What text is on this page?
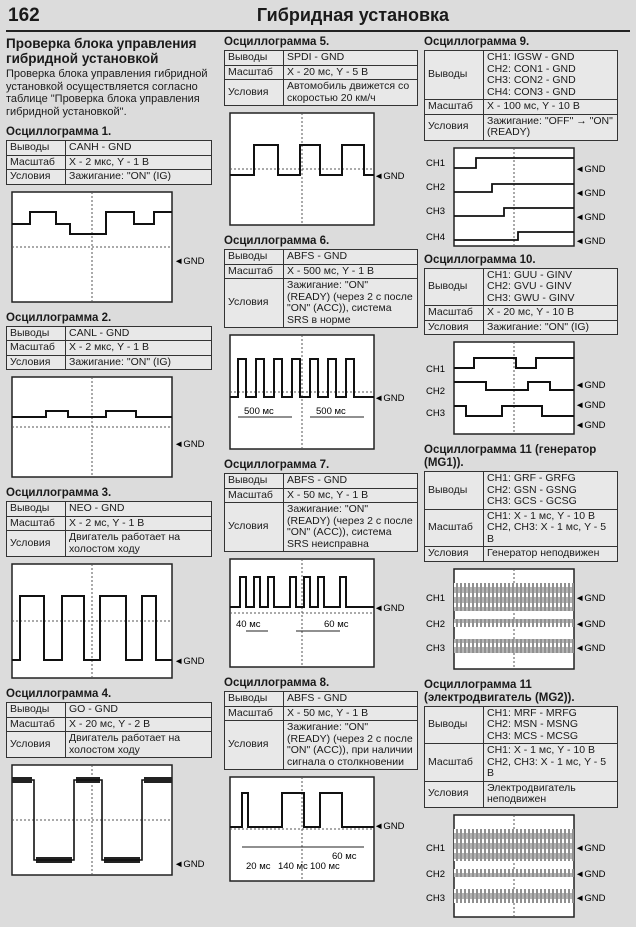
162	Гибридная установка
Проверка блока управления гибридной установкой
Проверка блока управления гибридной установкой осуществляется согласно таблице "Проверка блока управления гибридной установкой".
Осциллограмма 1.
Выводы	CANH - GND
Масштаб	X - 2 мкс, Y - 1 В
Условия	Зажигание: "ON" (IG)
◄GND
Осциллограмма 2.
Выводы	CANL - GND
Масштаб	X - 2 мкс, Y - 1 В
Условия	Зажигание: "ON" (IG)
◄GND
Осциллограмма 3.
Выводы	NEO - GND
Масштаб	X - 2 мс, Y - 1 В
Условия	Двигатель работает на холостом ходу
◄GND
Осциллограмма 4.
Выводы	GO - GND
Масштаб	X - 20 мс, Y - 2 В
Условия	Двигатель работает на холостом ходу
◄GND
Осциллограмма 5.
Выводы	SPDI - GND
Масштаб	X - 20 мс, Y - 5 В
Условия	Автомобиль движется со скоростью 20 км/ч
◄GND
Осциллограмма 6.
Выводы	ABFS - GND
Масштаб	X - 500 мс, Y - 1 В
Условия	Зажигание: "ON" (READY) (через 2 с после "ON" (ACC)), система SRS в норме
500 мс	500 мс
◄GND
Осциллограмма 7.
Выводы	ABFS - GND
Масштаб	X - 50 мс, Y - 1 В
Условия	Зажигание: "ON" (READY) (через 2 с после "ON" (ACC)), система SRS неисправна
40 мс	60 мс
◄GND
Осциллограмма 8.
Выводы	ABFS - GND
Масштаб	X - 50 мс, Y - 1 В
Условия	Зажигание: "ON" (READY) (через 2 с после "ON" (ACC)), при наличии сигнала о столкновении
20 мс 140 мс 100 мс
60 мс
◄GND
Осциллограмма 9.
Выводы	CH1: IGSW - GND
CH2: CON1 - GND
CH3: CON2 - GND
CH4: CON3 - GND

Масштаб	X - 100 мс, Y - 10 В
Условия	Зажигание: "OFF" → "ON" (READY)
CH1
CH2
CH3
CH4
◄GND
◄GND
◄GND
◄GND
Осциллограмма 10.
Выводы	CH1: GUU - GINV
CH2: GVU - GINV
CH3: GWU - GINV

Масштаб	X - 20 мс, Y - 10 В
Условия	Зажигание: "ON" (IG)
CH1
CH2
CH3
◄GND
◄GND
◄GND
Осциллограмма 11 (генератор (MG1)).
Выводы	CH1: GRF - GRFG
CH2: GSN - GSNG
CH3: GCS - GCSG

Масштаб	CH1: X - 1 мс, Y - 10 В
CH2, CH3: X - 1 мс, Y - 5 В

Условия	Генератор неподвижен
CH1
CH2
CH3
◄GND
◄GND
◄GND
Осциллограмма 11 (электродвигатель (MG2)).
Выводы	CH1: MRF - MRFG
CH2: MSN - MSNG
CH3: MCS - MCSG

Масштаб	CH1: X - 1 мс, Y - 10 В
CH2, CH3: X - 1 мс, Y - 5 В

Условия	Электродвигатель неподвижен
CH1
CH2
CH3
◄GND
◄GND
◄GND
